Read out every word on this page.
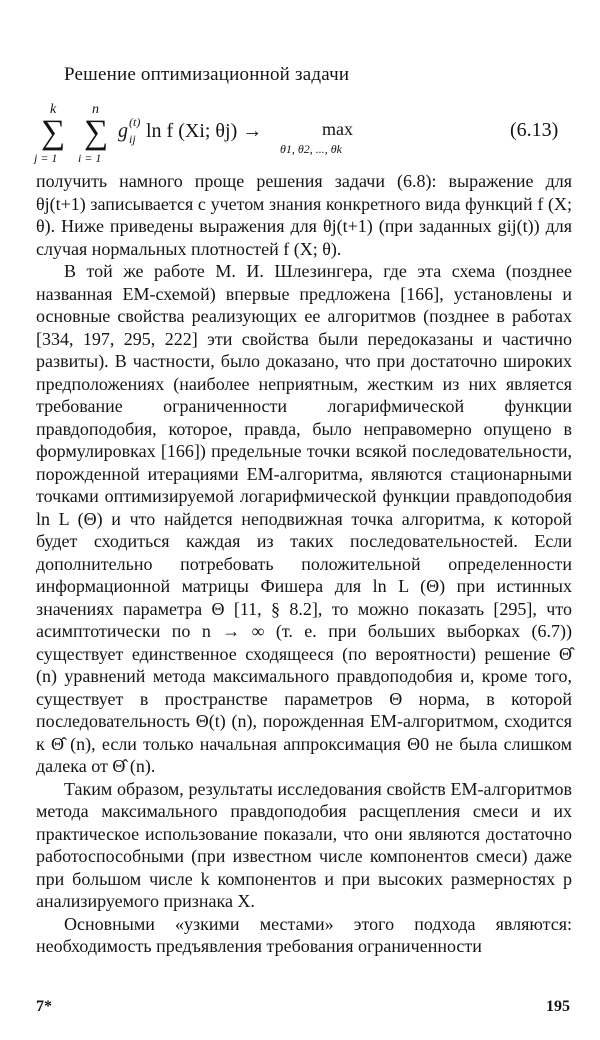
Решение оптимизационной задачи
k
∑
j = 1
n
∑
i = 1
g (t)
ij ln f (Xi; θj) →	max
θ1, θ2, ..., θk
(6.13)

получить намного проще решения задачи (6.8): выражение для θj(t+1) записывается с учетом знания конкретного вида функций f (X; θ). Ниже приведены выражения для θj(t+1) (при заданных gij(t)) для случая нормальных плотностей f (X; θ).

В той же работе М. И. Шлезингера, где эта схема (позднее названная ЕМ-схемой) впервые предложена [166], установлены и основные свойства реализующих ее алгоритмов (позднее в работах [334, 197, 295, 222] эти свойства были передоказаны и частично развиты). В частности, было доказано, что при достаточно широких предположениях (наиболее неприятным, жестким из них является требование ограниченности логарифмической функции правдоподобия, которое, правда, было неправомерно опущено в формулировках [166]) предельные точки всякой последовательности, порожденной итерациями ЕМ-алгоритма, являются стационарными точками оптимизируемой логарифмической функции правдоподобия ln L (Θ) и что найдется неподвижная точка алгоритма, к которой будет сходиться каждая из таких последовательностей. Если дополнительно потребовать положительной определенности информационной матрицы Фишера для ln L (Θ) при истинных значениях параметра Θ [11, § 8.2], то можно показать [295], что асимптотически по n → ∞ (т. е. при больших выборках (6.7)) существует единственное сходящееся (по вероятности) решение Θ̂ (n) уравнений метода максимального правдоподобия и, кроме того, существует в пространстве параметров Θ норма, в которой последовательность Θ(t) (n), порожденная ЕМ-алгоритмом, сходится к Θ̂ (n), если только начальная аппроксимация Θ0 не была слишком далека от Θ̂ (n).

Таким образом, результаты исследования свойств ЕМ-алгоритмов метода максимального правдоподобия расщепления смеси и их практическое использование показали, что они являются достаточно работоспособными (при известном числе компонентов смеси) даже при большом числе k компонентов и при высоких размерностях p анализируемого признака X.

Основными «узкими местами» этого подхода являются: необходимость предъявления требования ограниченности

7*	195
